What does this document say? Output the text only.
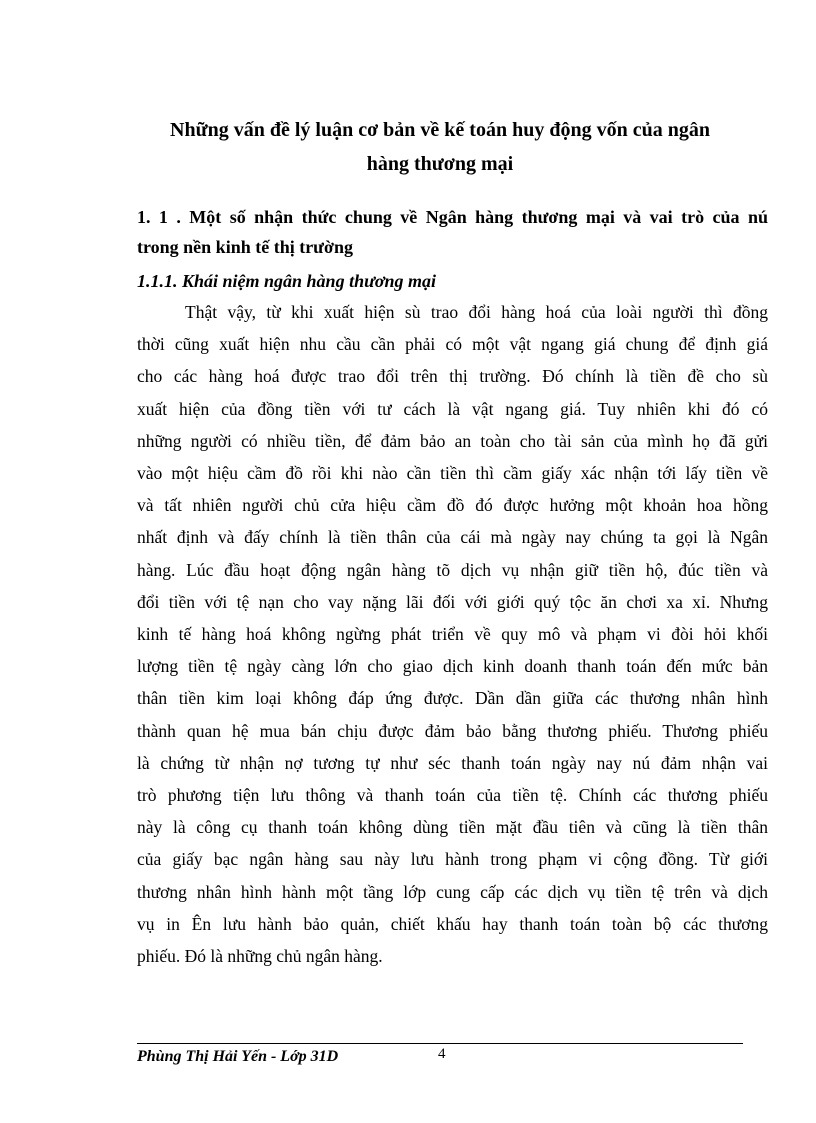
Những vấn đề lý luận cơ bản về kế toán huy động vốn của ngân
hàng thương mại
1. 1 . Một số nhận thức chung về Ngân hàng thương mại và vai trò của nú
trong nền kinh tế thị trường
1.1.1. Khái niệm ngân hàng thương mại
Thật vậy, từ khi xuất hiện sù trao đổi hàng hoá của loài người thì đồng
thời cũng xuất hiện nhu cầu cần phải có một vật ngang giá chung để định giá
cho các hàng hoá được trao đổi trên thị trường. Đó chính là tiền đề cho sù
xuất hiện của đồng tiền với tư cách là vật ngang giá. Tuy nhiên khi đó có
những người có nhiều tiền, để đảm bảo an toàn cho tài sản của mình họ đã gửi
vào một hiệu cầm đồ rồi khi nào cần tiền thì cầm giấy xác nhận tới lấy tiền về
và tất nhiên người chủ cửa hiệu cầm đồ đó được hưởng một khoản hoa hồng
nhất định và đấy chính là tiền thân của cái mà ngày nay chúng ta gọi là Ngân
hàng. Lúc đầu hoạt động ngân hàng tõ dịch vụ nhận giữ tiền hộ, đúc tiền và
đổi tiền với tệ nạn cho vay nặng lãi đối với giới quý tộc ăn chơi xa xỉ. Nhưng
kinh tế hàng hoá không ngừng phát triển về quy mô và phạm vi đòi hỏi khối
lượng tiền tệ ngày càng lớn cho giao dịch kinh doanh thanh toán đến mức bản
thân tiền kim loại không đáp ứng được. Dần dần giữa các thương nhân hình
thành quan hệ mua bán chịu được đảm bảo bằng thương phiếu. Thương phiếu
là chứng từ nhận nợ tương tự như séc thanh toán ngày nay nú đảm nhận vai
trò phương tiện lưu thông và thanh toán của tiền tệ. Chính các thương phiếu
này là công cụ thanh toán không dùng tiền mặt đầu tiên và cũng là tiền thân
của giấy bạc ngân hàng sau này lưu hành trong phạm vi cộng đồng. Từ giới
thương nhân hình hành một tầng lớp cung cấp các dịch vụ tiền tệ trên và dịch
vụ in Ên lưu hành bảo quản, chiết khấu hay thanh toán toàn bộ các thương
phiếu. Đó là những chủ ngân hàng.
Phùng Thị Hải Yến - Lớp 31D	4
